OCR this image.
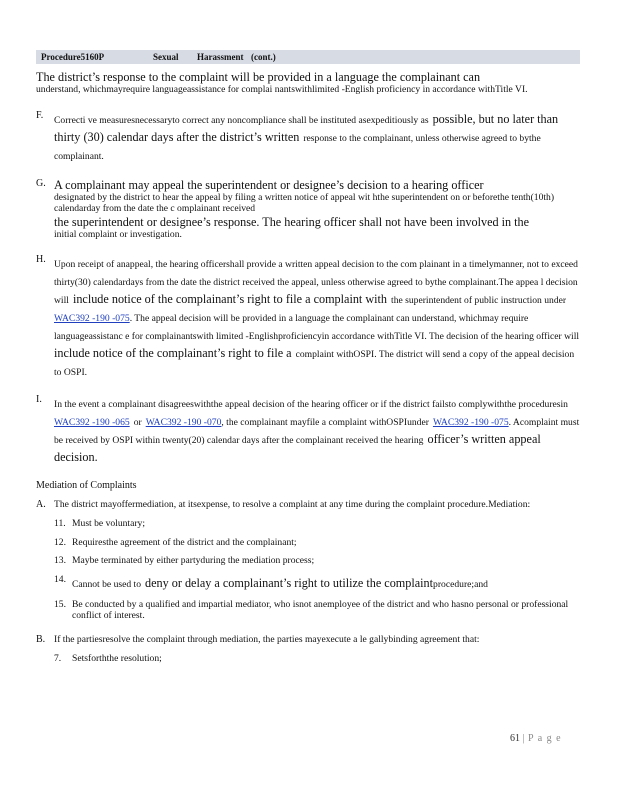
Procedure5160P	Sexual	Harassment (cont.)

The district’s response to the complaint will be provided in a language the complainant can

understand, whichmayrequire languageassistance for complai nantswithlimited -English proficiency in accordance withTitle VI.

F.	Correcti ve measuresnecessaryto correct any noncompliance shall be instituted asexpeditiously as possible, but no later than thirty (30) calendar days after the district’s written response to the complainant, unless otherwise agreed to bythe complainant.
G. A complainant may appeal the superintendent or designee’s decision to a hearing officer

designated by the district to hear the appeal by filing a written notice of appeal wit hthe superintendent on or beforethe tenth(10th) calendarday from the date the c omplainant received

the superintendent or designee’s response. The hearing officer shall not have been involved in the

initial complaint or investigation.

H. Upon receipt of anappeal, the hearing officershall provide a written appeal decision to the com plainant in a timelymanner, not to exceed thirty(30) calendardays from the date the district received the appeal, unless otherwise agreed to bythe complainant.The appea l decision will include notice of the complainant’s right to file a complaint with the superintendent of public instruction under WAC392 -190 -075. The appeal decision will be provided in a language the complainant can understand, whichmay require languageassistanc e for complainantswith limited -Englishproficiencyin accordance withTitle VI. The decision of the hearing officer will include notice of the complainant’s right to file a complaint withOSPI. The district will send a copy of the appeal decision to OSPI.
I.	In the event a complainant disagreeswiththe appeal decision of the hearing officer or if the district failsto complywiththe proceduresin WAC392 -190 -065 or WAC392 -190 -070, the complainant mayfile a complaint withOSPIunder WAC392 -190 -075. Acomplaint must be received by OSPI within twenty(20) calendar days after the complainant received the hearing officer’s written appeal decision.

Mediation of Complaints

A. The district mayoffermediation, at itsexpense, to resolve a complaint at any time during the complaint procedure.Mediation:
11. Must be voluntary;
12. Requiresthe agreement of the district and the complainant;
13. Maybe terminated by either partyduring the mediation process;
14. Cannot be used to deny or delay a complainant’s right to utilize the complaintprocedure;and
15. Be conducted by a qualified and impartial mediator, who isnot anemployee of the district and who hasno personal or professional conflict of interest.
B. If the partiesresolve the complaint through mediation, the parties mayexecute a le gallybinding agreement that:
7.	Setsforththe resolution;
61 | P a g e
